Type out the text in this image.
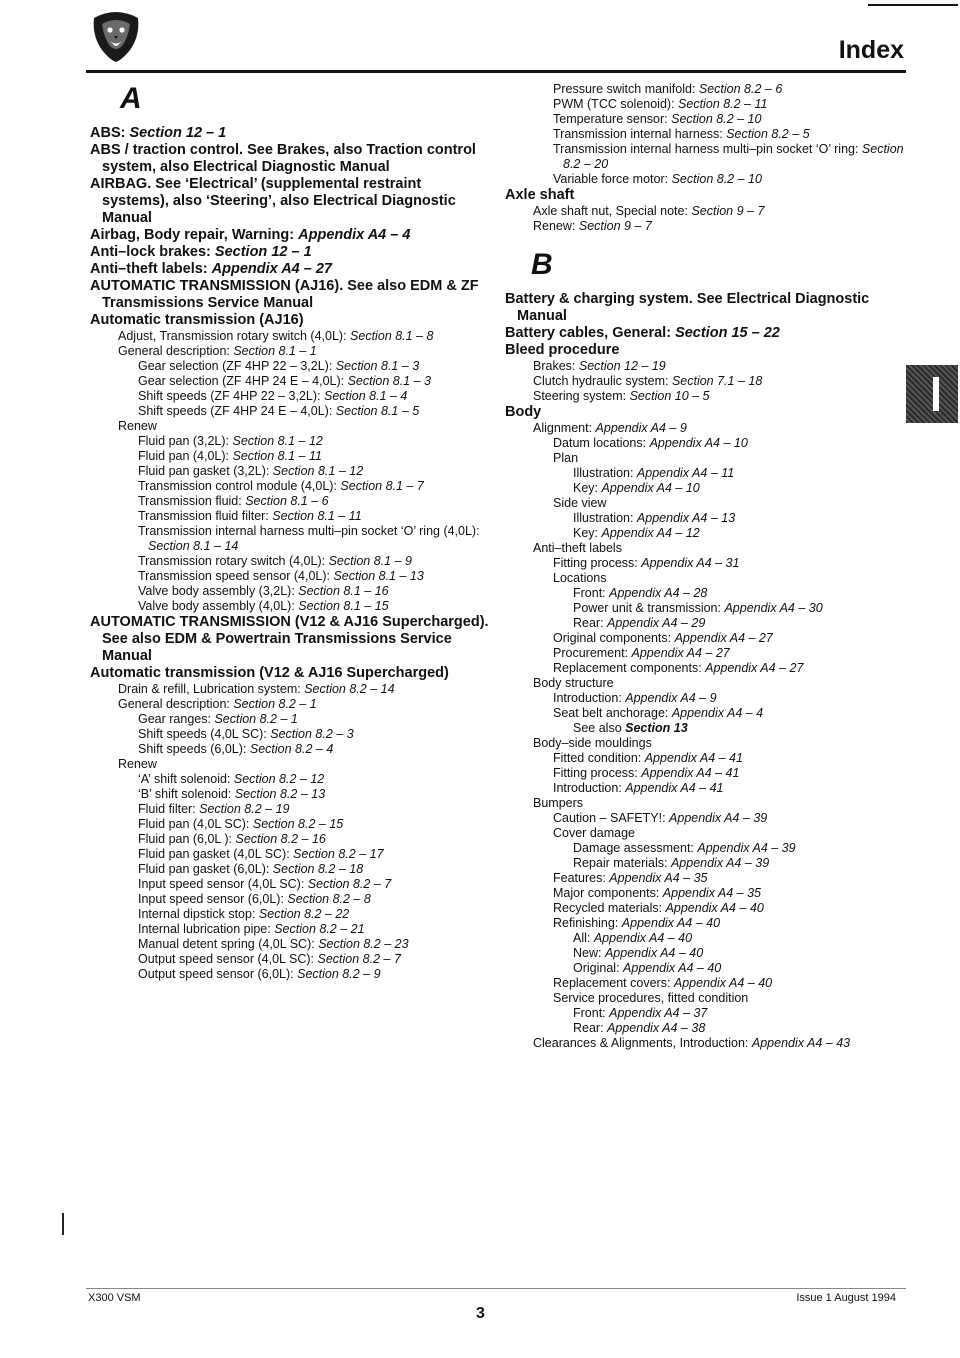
Index
A
ABS: Section 12 – 1
ABS / traction control. See Brakes, also Traction control system, also Electrical Diagnostic Manual
AIRBAG. See ‘Electrical’ (supplemental restraint systems), also ‘Steering’, also Electrical Diagnostic Manual
Airbag, Body repair, Warning: Appendix A4 – 4
Anti–lock brakes: Section 12 – 1
Anti–theft labels: Appendix A4 – 27
AUTOMATIC TRANSMISSION (AJ16). See also EDM & ZF Transmissions Service Manual
Automatic transmission (AJ16)
Adjust, Transmission rotary switch (4,0L): Section 8.1 – 8
General description: Section 8.1 – 1
Gear selection (ZF 4HP 22 – 3,2L): Section 8.1 – 3
Gear selection (ZF 4HP 24 E – 4,0L): Section 8.1 – 3
Shift speeds (ZF 4HP 22 – 3,2L): Section 8.1 – 4
Shift speeds (ZF 4HP 24 E – 4,0L): Section 8.1 – 5
Renew
Fluid pan (3,2L): Section 8.1 – 12
Fluid pan (4,0L): Section 8.1 – 11
Fluid pan gasket (3,2L): Section 8.1 – 12
Transmission control module (4,0L): Section 8.1 – 7
Transmission fluid: Section 8.1 – 6
Transmission fluid filter: Section 8.1 – 11
Transmission internal harness multi–pin socket ‘O’ ring (4,0L): Section 8.1 – 14
Transmission rotary switch (4,0L): Section 8.1 – 9
Transmission speed sensor (4,0L): Section 8.1 – 13
Valve body assembly (3,2L): Section 8.1 – 16
Valve body assembly (4,0L): Section 8.1 – 15
AUTOMATIC TRANSMISSION (V12 & AJ16 Supercharged). See also EDM & Powertrain Transmissions Service Manual
Automatic transmission (V12 & AJ16 Supercharged)
Drain & refill, Lubrication system: Section 8.2 – 14
General description: Section 8.2 – 1
Gear ranges: Section 8.2 – 1
Shift speeds (4,0L SC): Section 8.2 – 3
Shift speeds (6,0L): Section 8.2 – 4
Renew
‘A’ shift solenoid: Section 8.2 – 12
‘B’ shift solenoid: Section 8.2 – 13
Fluid filter: Section 8.2 – 19
Fluid pan (4,0L SC): Section 8.2 – 15
Fluid pan (6,0L ): Section 8.2 – 16
Fluid pan gasket (4,0L SC): Section 8.2 – 17
Fluid pan gasket (6,0L): Section 8.2 – 18
Input speed sensor (4,0L SC): Section 8.2 – 7
Input speed sensor (6,0L): Section 8.2 – 8
Internal dipstick stop: Section 8.2 – 22
Internal lubrication pipe: Section 8.2 – 21
Manual detent spring (4,0L SC): Section 8.2 – 23
Output speed sensor (4,0L SC): Section 8.2 – 7
Output speed sensor (6,0L): Section 8.2 – 9
Pressure switch manifold: Section 8.2 – 6
PWM (TCC solenoid): Section 8.2 – 11
Temperature sensor: Section 8.2 – 10
Transmission internal harness: Section 8.2 – 5
Transmission internal harness multi–pin socket ‘O’ ring: Section 8.2 – 20
Variable force motor: Section 8.2 – 10
Axle shaft
Axle shaft nut, Special note: Section 9 – 7
Renew: Section 9 – 7
B
Battery & charging system. See Electrical Diagnostic Manual
Battery cables, General: Section 15 – 22
Bleed procedure
Brakes: Section 12 – 19
Clutch hydraulic system: Section 7.1 – 18
Steering system: Section 10 – 5
Body
Alignment: Appendix A4 – 9
Datum locations: Appendix A4 – 10
Plan
Illustration: Appendix A4 – 11
Key: Appendix A4 – 10
Side view
Illustration: Appendix A4 – 13
Key: Appendix A4 – 12
Anti–theft labels
Fitting process: Appendix A4 – 31
Locations
Front: Appendix A4 – 28
Power unit & transmission: Appendix A4 – 30
Rear: Appendix A4 – 29
Original components: Appendix A4 – 27
Procurement: Appendix A4 – 27
Replacement components: Appendix A4 – 27
Body structure
Introduction: Appendix A4 – 9
Seat belt anchorage: Appendix A4 – 4
See also Section 13
Body–side mouldings
Fitted condition: Appendix A4 – 41
Fitting process: Appendix A4 – 41
Introduction: Appendix A4 – 41
Bumpers
Caution – SAFETY!: Appendix A4 – 39
Cover damage
Damage assessment: Appendix A4 – 39
Repair materials: Appendix A4 – 39
Features: Appendix A4 – 35
Major components: Appendix A4 – 35
Recycled materials: Appendix A4 – 40
Refinishing: Appendix A4 – 40
All: Appendix A4 – 40
New: Appendix A4 – 40
Original: Appendix A4 – 40
Replacement covers: Appendix A4 – 40
Service procedures, fitted condition
Front: Appendix A4 – 37
Rear: Appendix A4 – 38
Clearances & Alignments, Introduction: Appendix A4 – 43
X300 VSM
3
Issue 1 August 1994
